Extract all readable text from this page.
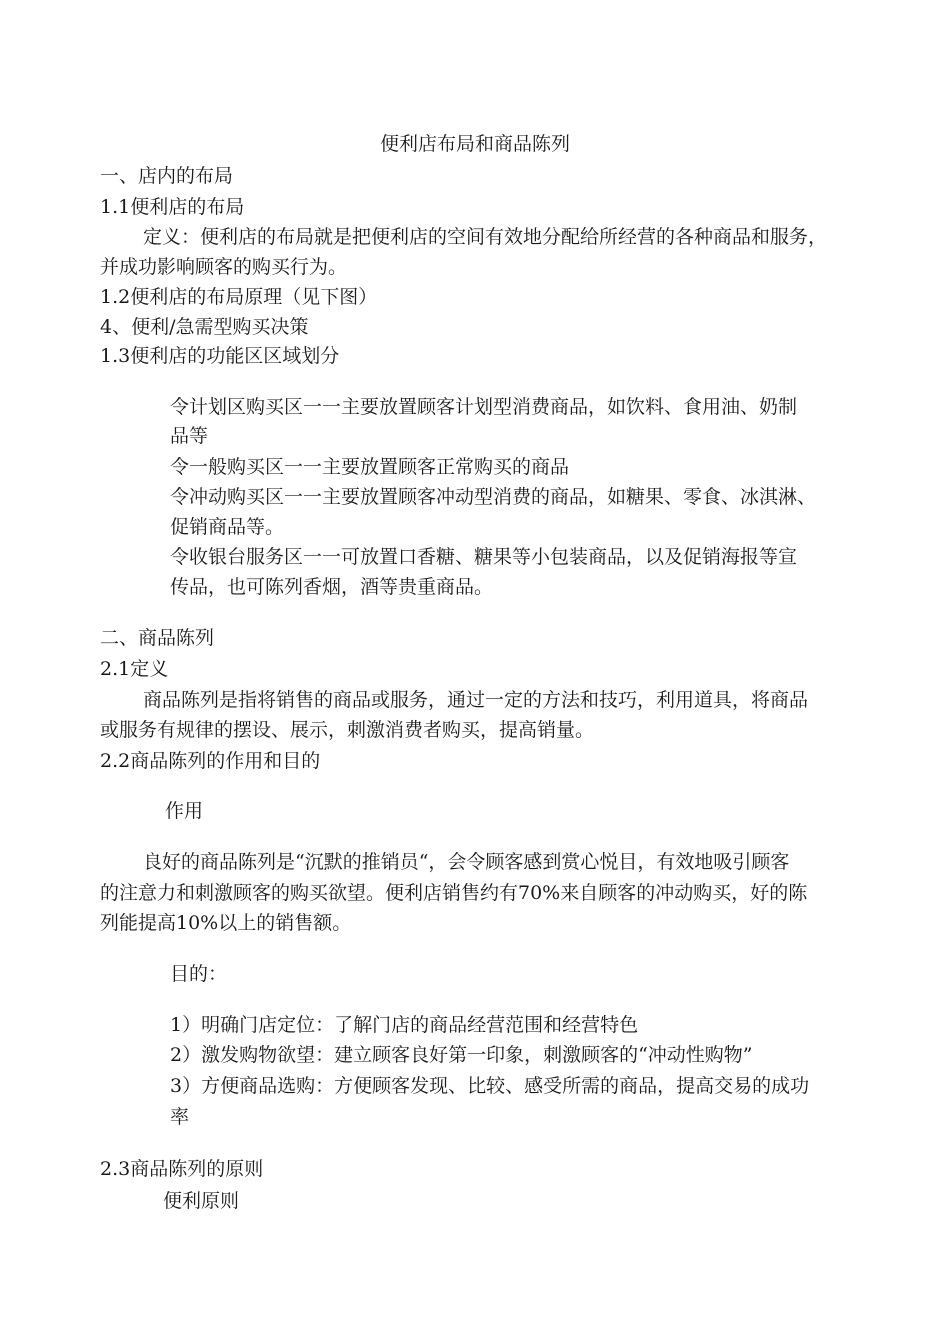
便利店布局和商品陈列
一、店内的布局
1.1便利店的布局
定义：便利店的布局就是把便利店的空间有效地分配给所经营的各种商品和服务，
并成功影响顾客的购买行为。
1.2便利店的布局原理（见下图）
4、便利/急需型购买决策
1.3便利店的功能区区域划分
令计划区购买区一一主要放置顾客计划型消费商品，如饮料、食用油、奶制
品等
令一般购买区一一主要放置顾客正常购买的商品
令冲动购买区一一主要放置顾客冲动型消费的商品，如糖果、零食、冰淇淋、
促销商品等。
令收银台服务区一一可放置口香糖、糖果等小包装商品，以及促销海报等宣
传品，也可陈列香烟，酒等贵重商品。
二、商品陈列
2.1定义
商品陈列是指将销售的商品或服务，通过一定的方法和技巧，利用道具，将商品
或服务有规律的摆设、展示，刺激消费者购买，提高销量。
2.2商品陈列的作用和目的
作用
良好的商品陈列是“沉默的推销员“，会令顾客感到赏心悦目，有效地吸引顾客
的注意力和刺激顾客的购买欲望。便利店销售约有70%来自顾客的冲动购买，好的陈
列能提高10%以上的销售额。
目的：
1）明确门店定位：了解门店的商品经营范围和经营特色
2）激发购物欲望：建立顾客良好第一印象，刺激顾客的“冲动性购物”
3）方便商品选购：方便顾客发现、比较、感受所需的商品，提高交易的成功
率
2.3商品陈列的原则
便利原则
